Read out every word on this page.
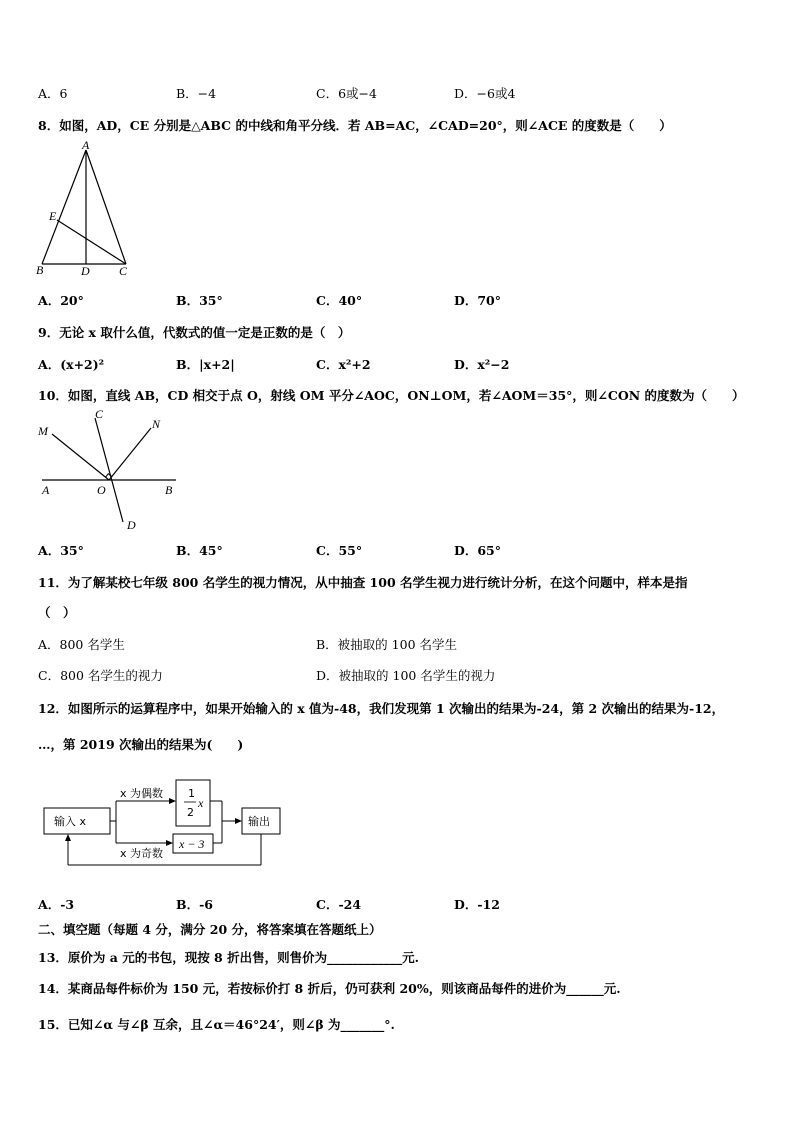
A．6	B．−4	C．6或−4	D．−6或4
8．如图，AD，CE 分别是△ABC 的中线和角平分线．若 AB=AC，∠CAD=20°，则∠ACE 的度数是（　　）
A
E
B	D C
A．20°	B．35°	C．40°	D．70°
9．无论 x 取什么值，代数式的值一定是正数的是（　）
A．(x+2)²	B．|x+2|	C．x²+2	D．x²−2
10．如图，直线 AB，CD 相交于点 O，射线 OM 平分∠AOC，ON⊥OM，若∠AOM＝35°，则∠CON 的度数为（　　）
M
C
N
A	O	B
D
A．35°	B．45°	C．55°	D．65°
11．为了解某校七年级 800 名学生的视力情况，从中抽查 100 名学生视力进行统计分析，在这个问题中，样本是指
（　）
A．800 名学生	B．被抽取的 100 名学生
C．800 名学生的视力	D．被抽取的 100 名学生的视力
12．如图所示的运算程序中，如果开始输入的 x 值为-48，我们发现第 1 次输出的结果为-24，第 2 次输出的结果为-12，
…，第 2019 次输出的结果为(　　)
输入 x
1
2
x
x − 3
输出
x 为偶数
x 为奇数
A．-3	B．-6	C．-24	D．-12
二、填空题（每题 4 分，满分 20 分，将答案填在答题纸上）
13．原价为 a 元的书包，现按 8 折出售，则售价为____________元.
14．某商品每件标价为 150 元，若按标价打 8 折后，仍可获利 20%，则该商品每件的进价为______元.
15．已知∠α 与∠β 互余，且∠α＝46°24′，则∠β 为_______°.
